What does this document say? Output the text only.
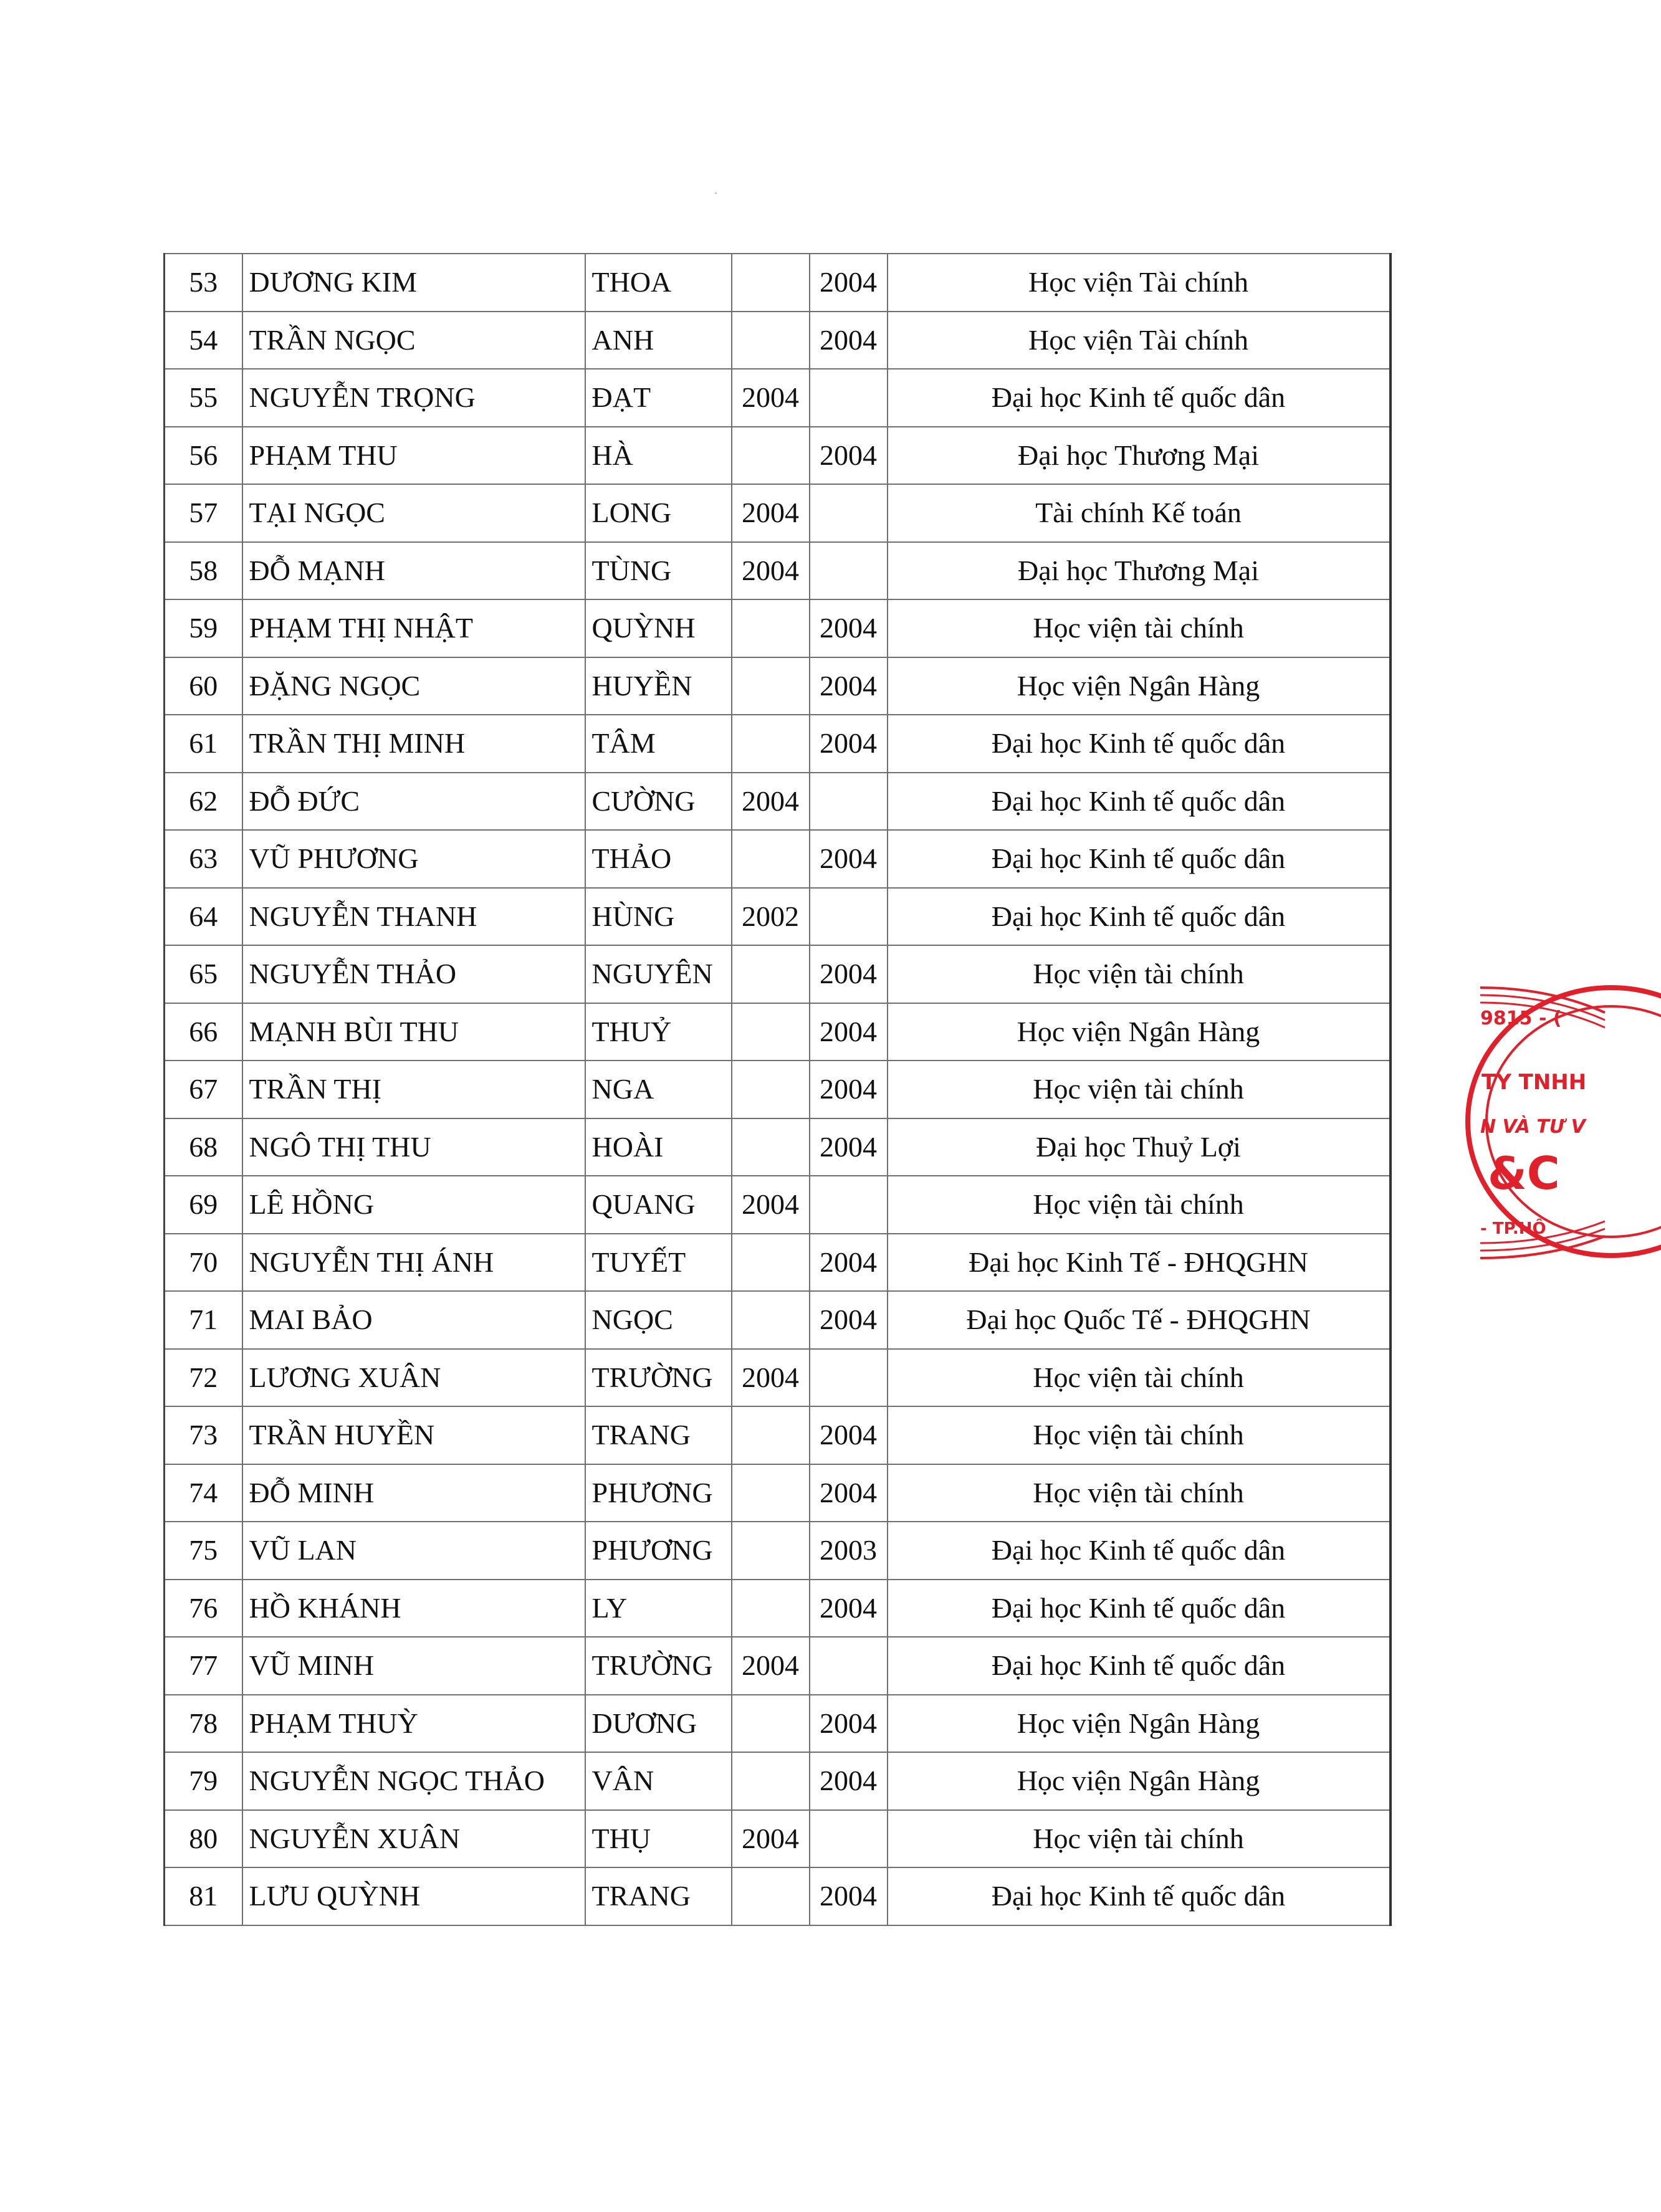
53	DƯƠNG KIM	THOA		2004	Học viện Tài chính
54	TRẦN NGỌC	ANH		2004	Học viện Tài chính
55	NGUYỄN TRỌNG	ĐẠT	2004		Đại học Kinh tế quốc dân
56	PHẠM THU	HÀ		2004	Đại học Thương Mại
57	TẠI NGỌC	LONG	2004		Tài chính Kế toán
58	ĐỖ MẠNH	TÙNG	2004		Đại học Thương Mại
59	PHẠM THỊ NHẬT	QUỲNH		2004	Học viện tài chính
60	ĐẶNG NGỌC	HUYỀN		2004	Học viện Ngân Hàng
61	TRẦN THỊ MINH	TÂM		2004	Đại học Kinh tế quốc dân
62	ĐỖ ĐỨC	CƯỜNG	2004		Đại học Kinh tế quốc dân
63	VŨ PHƯƠNG	THẢO		2004	Đại học Kinh tế quốc dân
64	NGUYỄN THANH	HÙNG	2002		Đại học Kinh tế quốc dân
65	NGUYỄN THẢO	NGUYÊN		2004	Học viện tài chính
66	MẠNH BÙI THU	THUỶ		2004	Học viện Ngân Hàng
67	TRẦN THỊ	NGA		2004	Học viện tài chính
68	NGÔ THỊ THU	HOÀI		2004	Đại học Thuỷ Lợi
69	LÊ HỒNG	QUANG	2004		Học viện tài chính
70	NGUYỄN THỊ ÁNH	TUYẾT		2004	Đại học Kinh Tế - ĐHQGHN
71	MAI BẢO	NGỌC		2004	Đại học Quốc Tế - ĐHQGHN
72	LƯƠNG XUÂN	TRƯỜNG	2004		Học viện tài chính
73	TRẦN HUYỀN	TRANG		2004	Học viện tài chính
74	ĐỖ MINH	PHƯƠNG		2004	Học viện tài chính
75	VŨ LAN	PHƯƠNG		2003	Đại học Kinh tế quốc dân
76	HỒ KHÁNH	LY		2004	Đại học Kinh tế quốc dân
77	VŨ MINH	TRƯỜNG	2004		Đại học Kinh tế quốc dân
78	PHẠM THUỲ	DƯƠNG		2004	Học viện Ngân Hàng
79	NGUYỄN NGỌC THẢO	VÂN		2004	Học viện Ngân Hàng
80	NGUYỄN XUÂN	THỤ	2004		Học viện tài chính
81	LƯU QUỲNH	TRANG		2004	Đại học Kinh tế quốc dân
9815 - (
TY TNHH
N VÀ TƯ V
&C
- TP.HỒ
